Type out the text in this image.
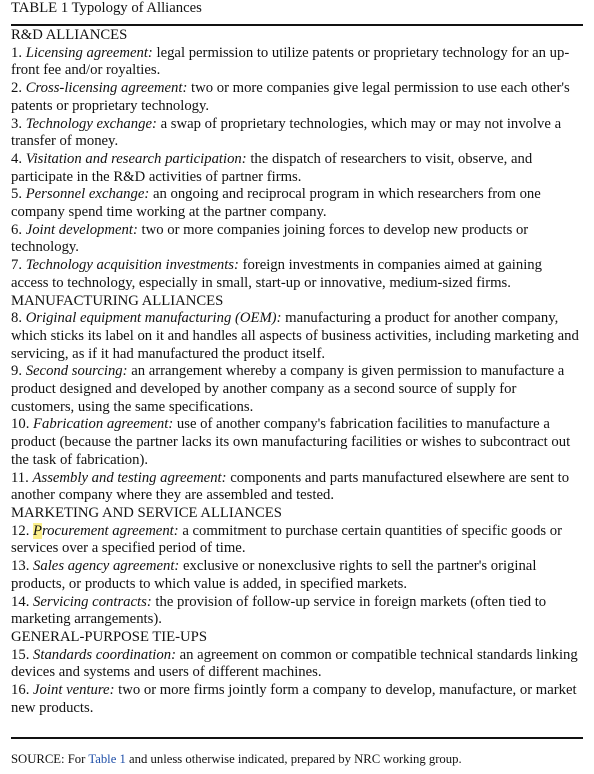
TABLE 1 Typology of Alliances

R&D ALLIANCES

1. Licensing agreement: legal permission to utilize patents or proprietary technology for an up-front fee and/or royalties.

2. Cross-licensing agreement: two or more companies give legal permission to use each other's patents or proprietary technology.

3. Technology exchange: a swap of proprietary technologies, which may or may not involve a transfer of money.

4. Visitation and research participation: the dispatch of researchers to visit, observe, and participate in the R&D activities of partner firms.

5. Personnel exchange: an ongoing and reciprocal program in which researchers from one company spend time working at the partner company.

6. Joint development: two or more companies joining forces to develop new products or technology.

7. Technology acquisition investments: foreign investments in companies aimed at gaining access to technology, especially in small, start-up or innovative, medium-sized firms.

MANUFACTURING ALLIANCES

8. Original equipment manufacturing (OEM): manufacturing a product for another company, which sticks its label on it and handles all aspects of business activities, including marketing and servicing, as if it had manufactured the product itself.

9. Second sourcing: an arrangement whereby a company is given permission to manufacture a product designed and developed by another company as a second source of supply for customers, using the same specifications.

10. Fabrication agreement: use of another company's fabrication facilities to manufacture a product (because the partner lacks its own manufacturing facilities or wishes to subcontract out the task of fabrication).

11. Assembly and testing agreement: components and parts manufactured elsewhere are sent to another company where they are assembled and tested.

MARKETING AND SERVICE ALLIANCES

12. Procurement agreement: a commitment to purchase certain quantities of specific goods or services over a specified period of time.

13. Sales agency agreement: exclusive or nonexclusive rights to sell the partner's original products, or products to which value is added, in specified markets.

14. Servicing contracts: the provision of follow-up service in foreign markets (often tied to marketing arrangements).

GENERAL-PURPOSE TIE-UPS

15. Standards coordination: an agreement on common or compatible technical standards linking devices and systems and users of different machines.

16. Joint venture: two or more firms jointly form a company to develop, manufacture, or market new products.

SOURCE: For Table 1 and unless otherwise indicated, prepared by NRC working group.
